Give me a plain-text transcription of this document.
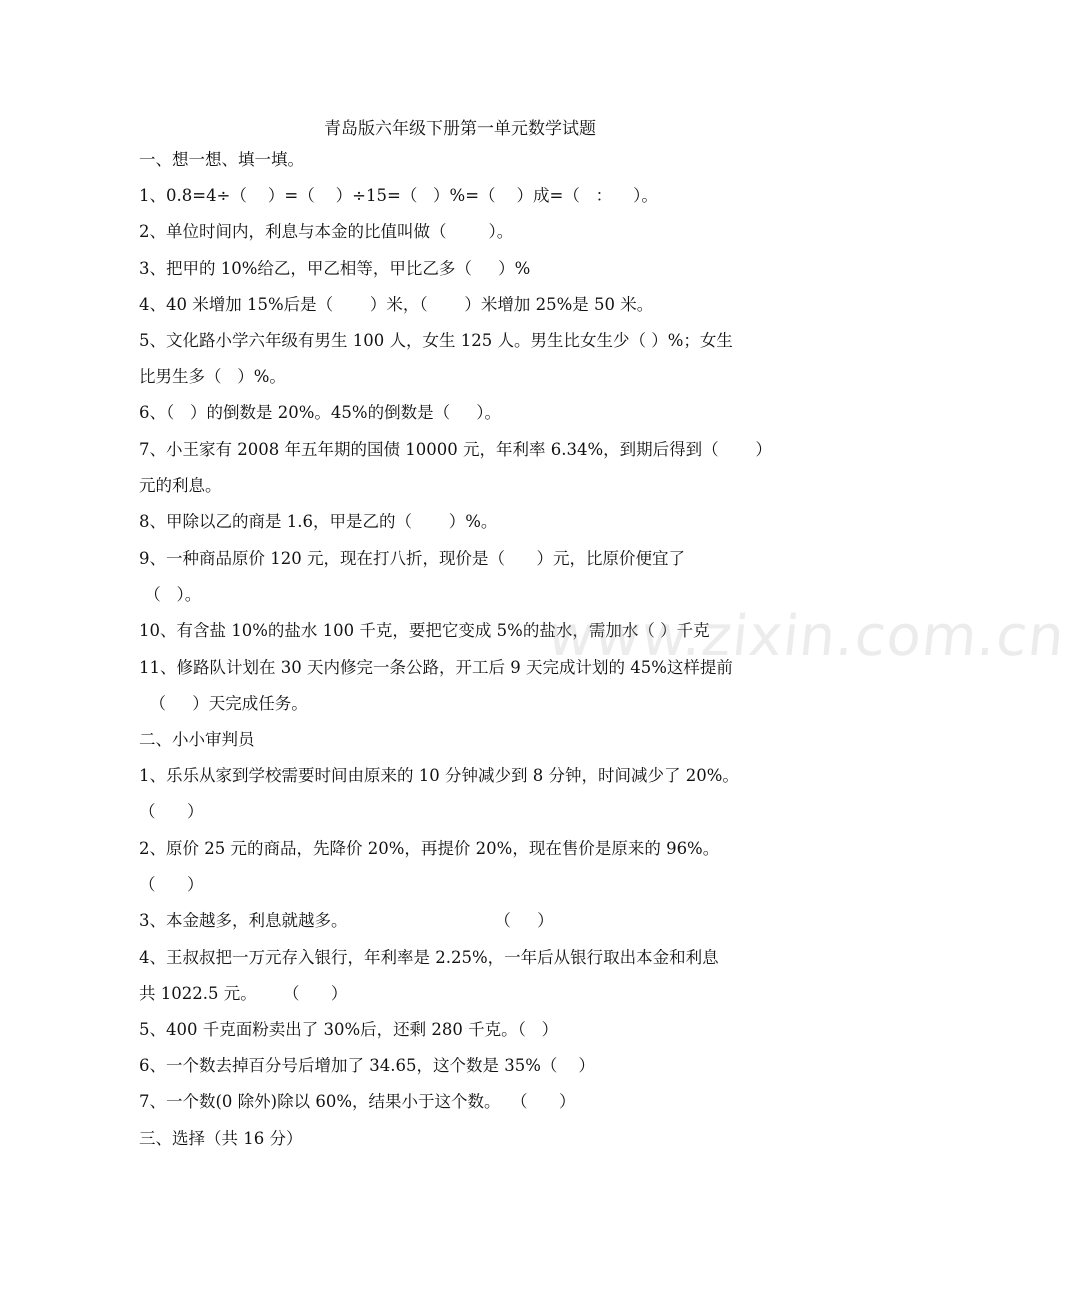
青岛版六年级下册第一单元数学试题
一、想一想、填一填。
1、0.8=4÷（    ）=（    ）÷15=（   ）%=（    ）成=（   ：    ）。
2、单位时间内，利息与本金的比值叫做（        ）。
3、把甲的 10%给乙，甲乙相等，甲比乙多（     ）%
4、40 米增加 15%后是（       ）米，（       ）米增加 25%是 50 米。
5、文化路小学六年级有男生 100 人，女生 125 人。男生比女生少（ ）%；女生
比男生多（   ）%。
6、（   ）的倒数是 20%。45%的倒数是（     ）。
7、小王家有 2008 年五年期的国债 10000 元，年利率 6.34%，到期后得到（       ）
元的利息。
8、甲除以乙的商是 1.6，甲是乙的（       ）%。
9、一种商品原价 120 元，现在打八折，现价是（      ）元，比原价便宜了
（   ）。
10、有含盐 10%的盐水 100 千克，要把它变成 5%的盐水，需加水（ ）千克
11、修路队计划在 30 天内修完一条公路，开工后 9 天完成计划的 45%这样提前
（     ）天完成任务。
二、小小审判员
1、乐乐从家到学校需要时间由原来的 10 分钟减少到 8 分钟，时间减少了 20%。
（      ）
2、原价 25 元的商品，先降价 20%，再提价 20%，现在售价是原来的 96%。
（      ）
3、本金越多，利息就越多。                            （     ）
4、王叔叔把一万元存入银行，年利率是 2.25%，一年后从银行取出本金和利息
共 1022.5 元。     （      ）
5、400 千克面粉卖出了 30%后，还剩 280 千克。（   ）
6、一个数去掉百分号后增加了 34.65，这个数是 35%（    ）
7、一个数(0 除外)除以 60%，结果小于这个数。  （      ）
三、选择（共 16 分）
www.zixin.com.cn
